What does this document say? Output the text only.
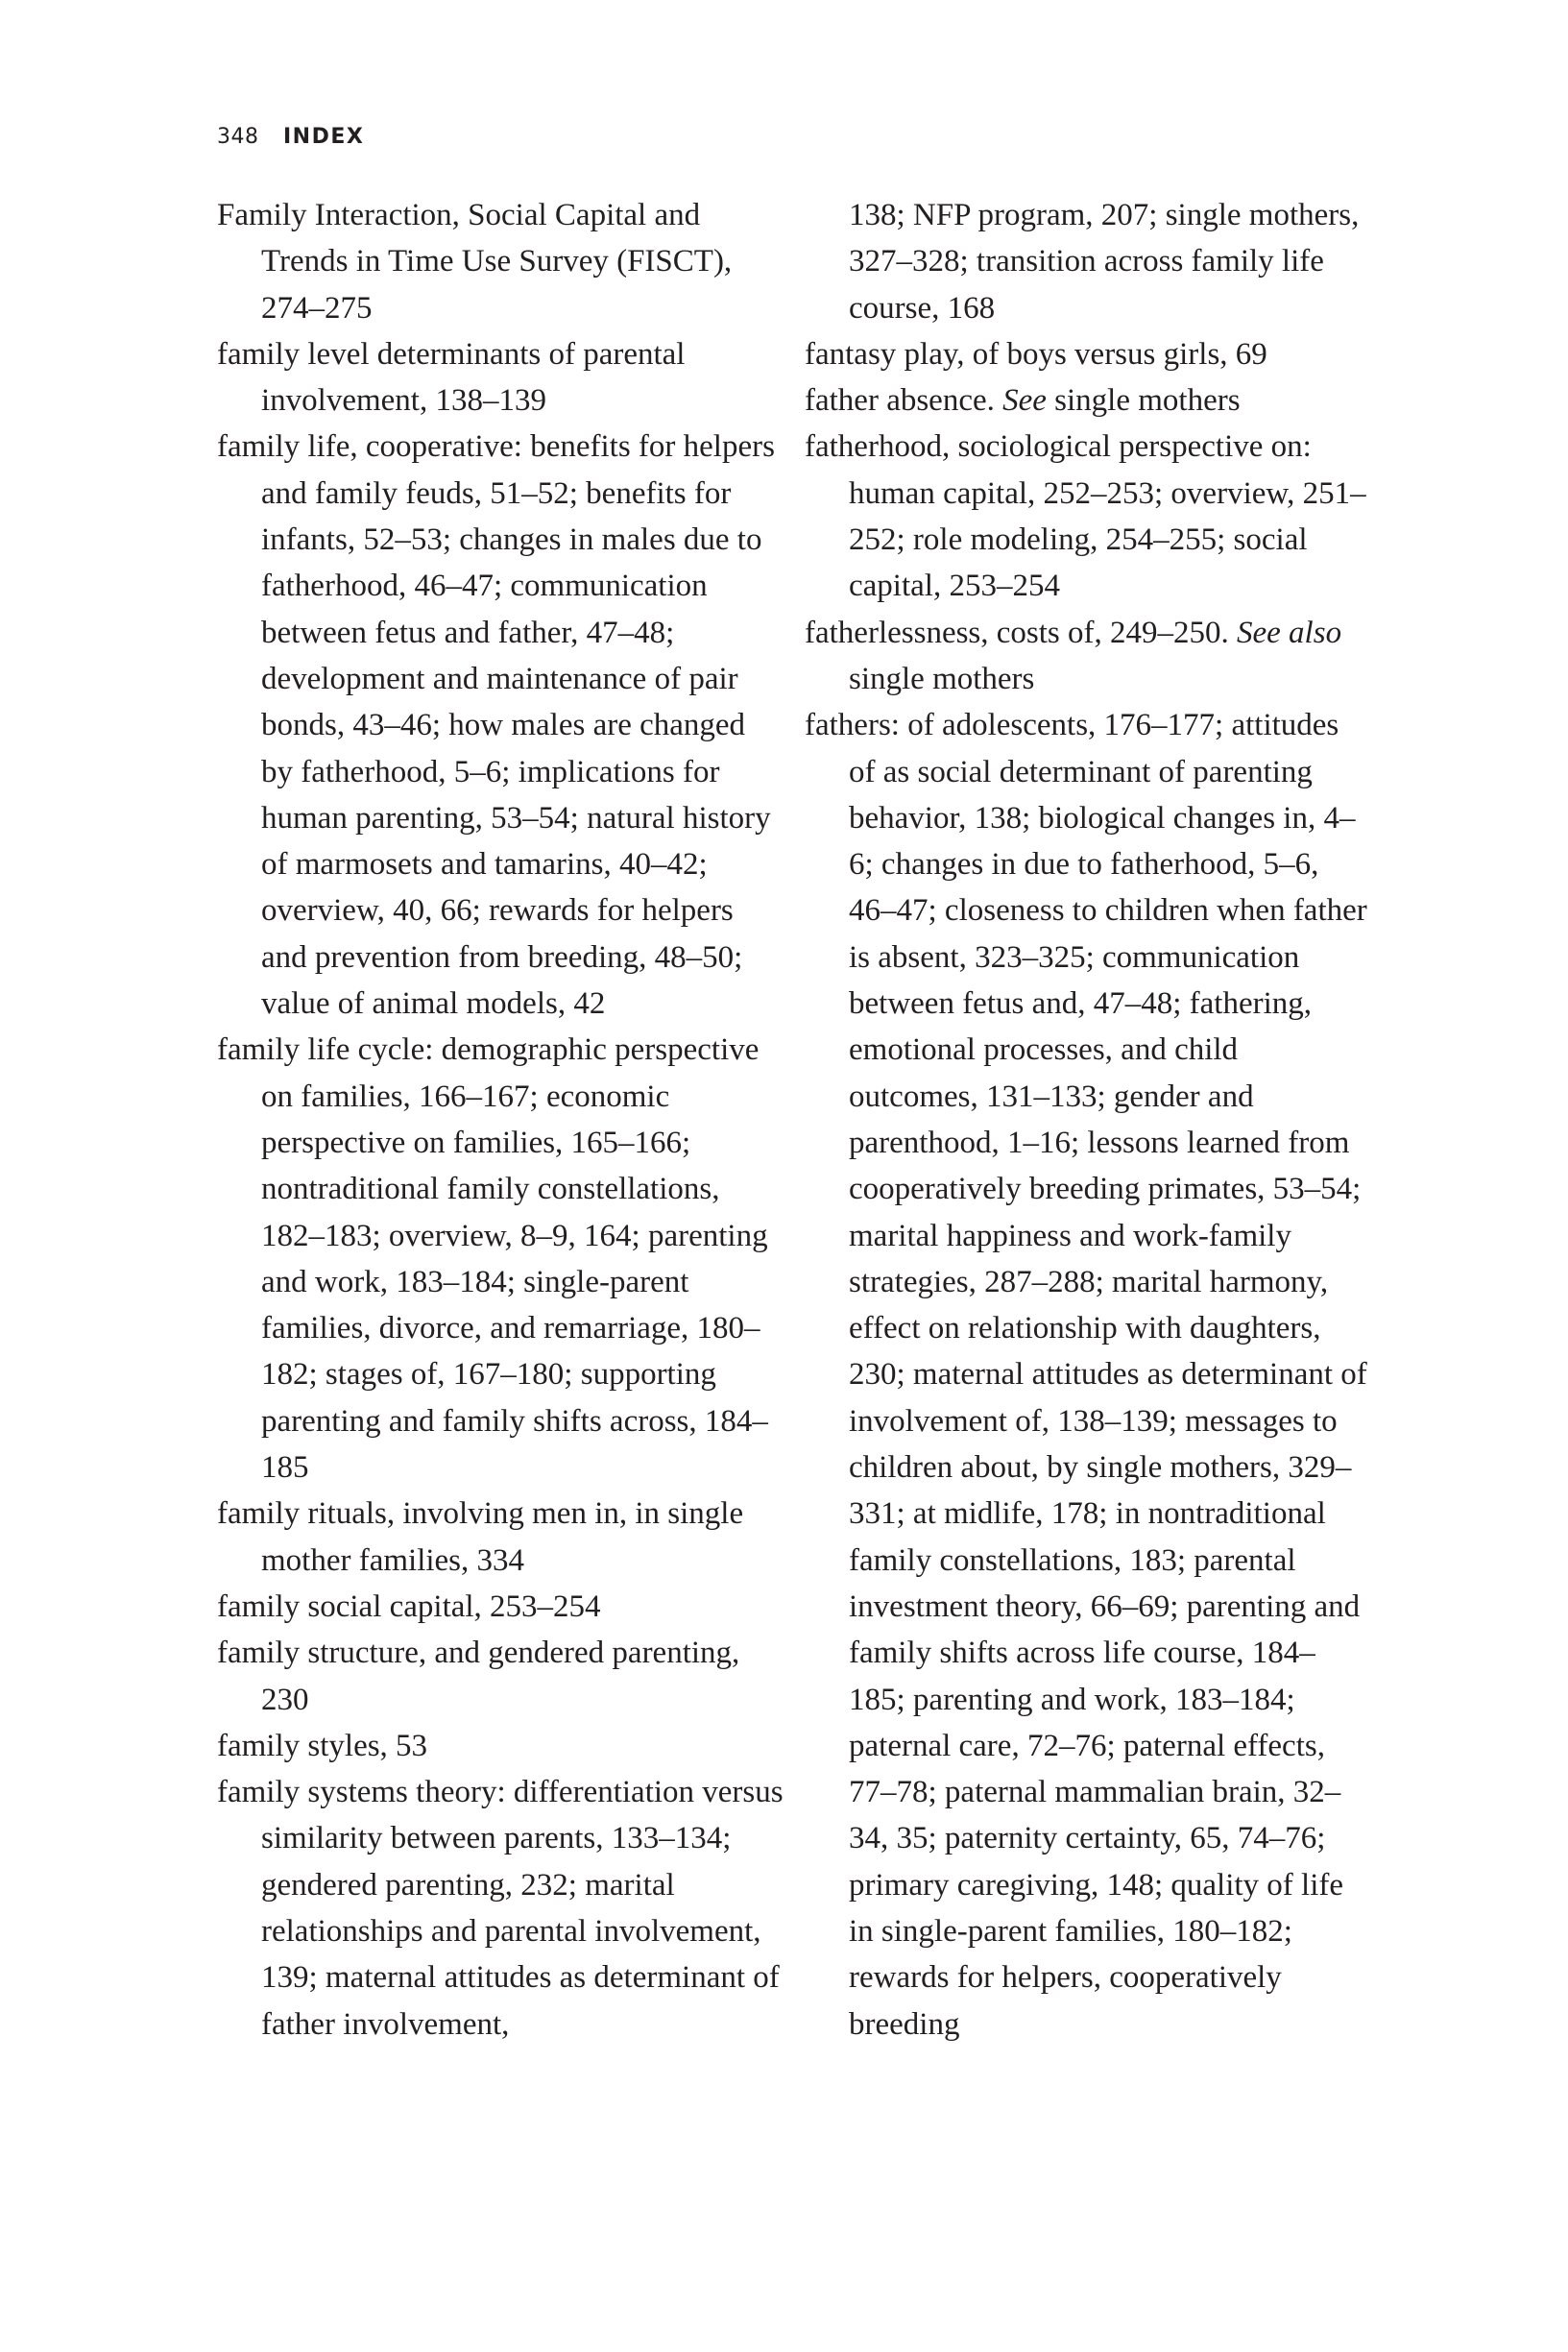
348 INDEX

Family Interaction, Social Capital and Trends in Time Use Survey (FISCT), 274–275

family level determinants of parental involvement, 138–139

family life, cooperative: benefits for helpers and family feuds, 51–52; benefits for infants, 52–53; changes in males due to fatherhood, 46–47; communication between fetus and father, 47–48; development and maintenance of pair bonds, 43–46; how males are changed by fatherhood, 5–6; implications for human parenting, 53–54; natural history of marmosets and tamarins, 40–42; overview, 40, 66; rewards for helpers and prevention from breeding, 48–50; value of animal models, 42

family life cycle: demographic perspective on families, 166–167; economic perspective on families, 165–166; nontraditional family constellations, 182–183; overview, 8–9, 164; parenting and work, 183–184; single-parent families, divorce, and remarriage, 180–182; stages of, 167–180; supporting parenting and family shifts across, 184–185

family rituals, involving men in, in single mother families, 334

family social capital, 253–254

family structure, and gendered parenting, 230

family styles, 53

family systems theory: differentiation versus similarity between parents, 133–134; gendered parenting, 232; marital relationships and parental involvement, 139; maternal attitudes as determinant of father involvement,

138; NFP program, 207; single mothers, 327–328; transition across family life course, 168

fantasy play, of boys versus girls, 69

father absence. See single mothers

fatherhood, sociological perspective on: human capital, 252–253; overview, 251–252; role modeling, 254–255; social capital, 253–254

fatherlessness, costs of, 249–250. See also single mothers

fathers: of adolescents, 176–177; attitudes of as social determinant of parenting behavior, 138; biological changes in, 4–6; changes in due to fatherhood, 5–6, 46–47; closeness to children when father is absent, 323–325; communication between fetus and, 47–48; fathering, emotional processes, and child outcomes, 131–133; gender and parenthood, 1–16; lessons learned from cooperatively breeding primates, 53–54; marital happiness and work-family strategies, 287–288; marital harmony, effect on relationship with daughters, 230; maternal attitudes as determinant of involvement of, 138–139; messages to children about, by single mothers, 329–331; at midlife, 178; in nontraditional family constellations, 183; parental investment theory, 66–69; parenting and family shifts across life course, 184–185; parenting and work, 183–184; paternal care, 72–76; paternal effects, 77–78; paternal mammalian brain, 32–34, 35; paternity certainty, 65, 74–76; primary caregiving, 148; quality of life in single-parent families, 180–182; rewards for helpers, cooperatively breeding
